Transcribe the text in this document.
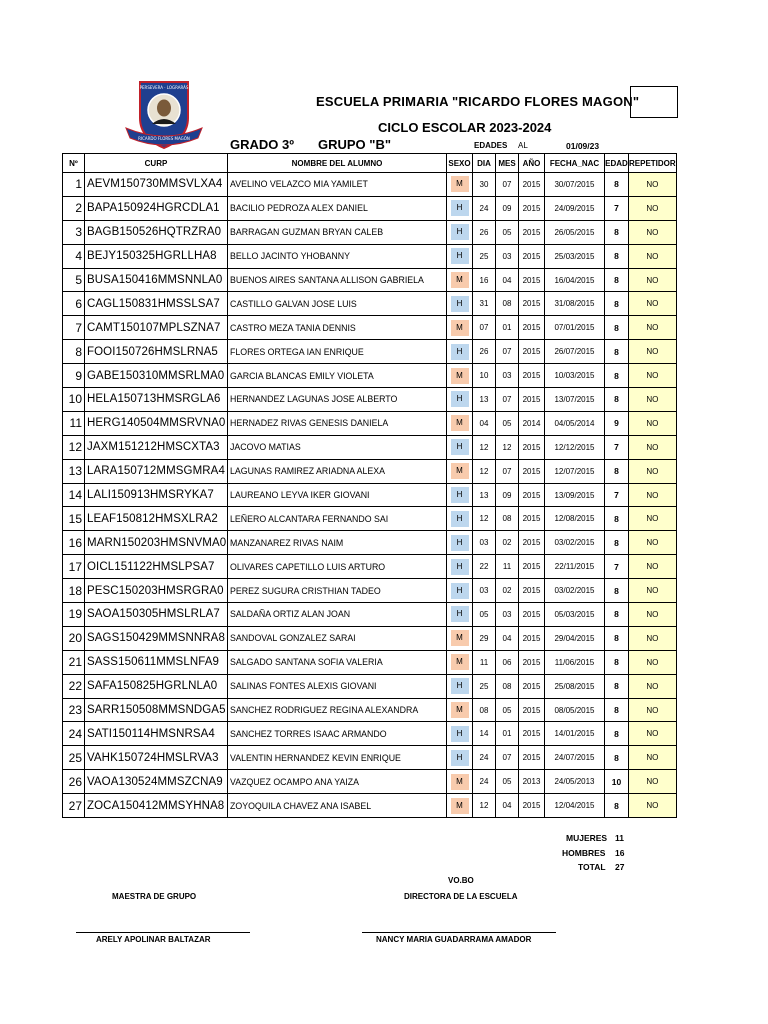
PERSEVERA · LOGRARÁS
RICARDO FLORES MAGÓN
ESCUELA PRIMARIA "RICARDO FLORES MAGON"
CICLO ESCOLAR 2023-2024
GRADO 3º GRUPO "B"	EDADES AL	01/09/23
Nº	CURP	NOMBRE DEL ALUMNO	SEXO	DIA	MES	AÑO	FECHA_NAC	EDAD	REPETIDOR
1	AEVM150730MMSVLXA4	AVELINO VELAZCO MIA YAMILET	M	30	07	2015	30/07/2015	8	NO
2	BAPA150924HGRCDLA1	BACILIO PEDROZA ALEX DANIEL	H	24	09	2015	24/09/2015	7	NO
3	BAGB150526HQTRZRA0	BARRAGAN GUZMAN BRYAN CALEB	H	26	05	2015	26/05/2015	8	NO
4	BEJY150325HGRLLHA8	BELLO JACINTO YHOBANNY	H	25	03	2015	25/03/2015	8	NO
5	BUSA150416MMSNNLA0	BUENOS AIRES SANTANA ALLISON GABRIELA	M	16	04	2015	16/04/2015	8	NO
6	CAGL150831HMSSLSA7	CASTILLO GALVAN JOSE LUIS	H	31	08	2015	31/08/2015	8	NO
7	CAMT150107MPLSZNA7	CASTRO MEZA TANIA DENNIS	M	07	01	2015	07/01/2015	8	NO
8	FOOI150726HMSLRNA5	FLORES ORTEGA IAN ENRIQUE	H	26	07	2015	26/07/2015	8	NO
9	GABE150310MMSRLMA0	GARCIA BLANCAS EMILY VIOLETA	M	10	03	2015	10/03/2015	8	NO
10	HELA150713HMSRGLA6	HERNANDEZ LAGUNAS JOSE ALBERTO	H	13	07	2015	13/07/2015	8	NO
11	HERG140504MMSRVNA0	HERNADEZ RIVAS GENESIS DANIELA	M	04	05	2014	04/05/2014	9	NO
12	JAXM151212HMSCXTA3	JACOVO MATIAS	H	12	12	2015	12/12/2015	7	NO
13	LARA150712MMSGMRA4	LAGUNAS RAMIREZ ARIADNA ALEXA	M	12	07	2015	12/07/2015	8	NO
14	LALI150913HMSRYKA7	LAUREANO LEYVA IKER GIOVANI	H	13	09	2015	13/09/2015	7	NO
15	LEAF150812HMSXLRA2	LEÑERO ALCANTARA FERNANDO SAI	H	12	08	2015	12/08/2015	8	NO
16	MARN150203HMSNVMA0	MANZANAREZ RIVAS NAIM	H	03	02	2015	03/02/2015	8	NO
17	OICL151122HMSLPSA7	OLIVARES CAPETILLO LUIS ARTURO	H	22	11	2015	22/11/2015	7	NO
18	PESC150203HMSRGRA0	PEREZ SUGURA CRISTHIAN TADEO	H	03	02	2015	03/02/2015	8	NO
19	SAOA150305HMSLRLA7	SALDAÑA ORTIZ ALAN JOAN	H	05	03	2015	05/03/2015	8	NO
20	SAGS150429MMSNNRA8	SANDOVAL GONZALEZ SARAI	M	29	04	2015	29/04/2015	8	NO
21	SASS150611MMSLNFA9	SALGADO SANTANA SOFIA VALERIA	M	11	06	2015	11/06/2015	8	NO
22	SAFA150825HGRLNLA0	SALINAS FONTES ALEXIS GIOVANI	H	25	08	2015	25/08/2015	8	NO
23	SARR150508MMSNDGA5	SANCHEZ RODRIGUEZ REGINA ALEXANDRA	M	08	05	2015	08/05/2015	8	NO
24	SATI150114HMSNRSA4	SANCHEZ TORRES ISAAC ARMANDO	H	14	01	2015	14/01/2015	8	NO
25	VAHK150724HMSLRVA3	VALENTIN HERNANDEZ KEVIN ENRIQUE	H	24	07	2015	24/07/2015	8	NO
26	VAOA130524MMSZCNA9	VAZQUEZ OCAMPO ANA YAIZA	M	24	05	2013	24/05/2013	10	NO
27	ZOCA150412MMSYHNA8	ZOYOQUILA CHAVEZ ANA ISABEL	M	12	04	2015	12/04/2015	8	NO
MUJERES 11
HOMBRES 16
TOTAL 27
VO.BO
MAESTRA DE GRUPO	DIRECTORA DE LA ESCUELA
ARELY APOLINAR BALTAZAR	NANCY MARIA GUADARRAMA AMADOR
